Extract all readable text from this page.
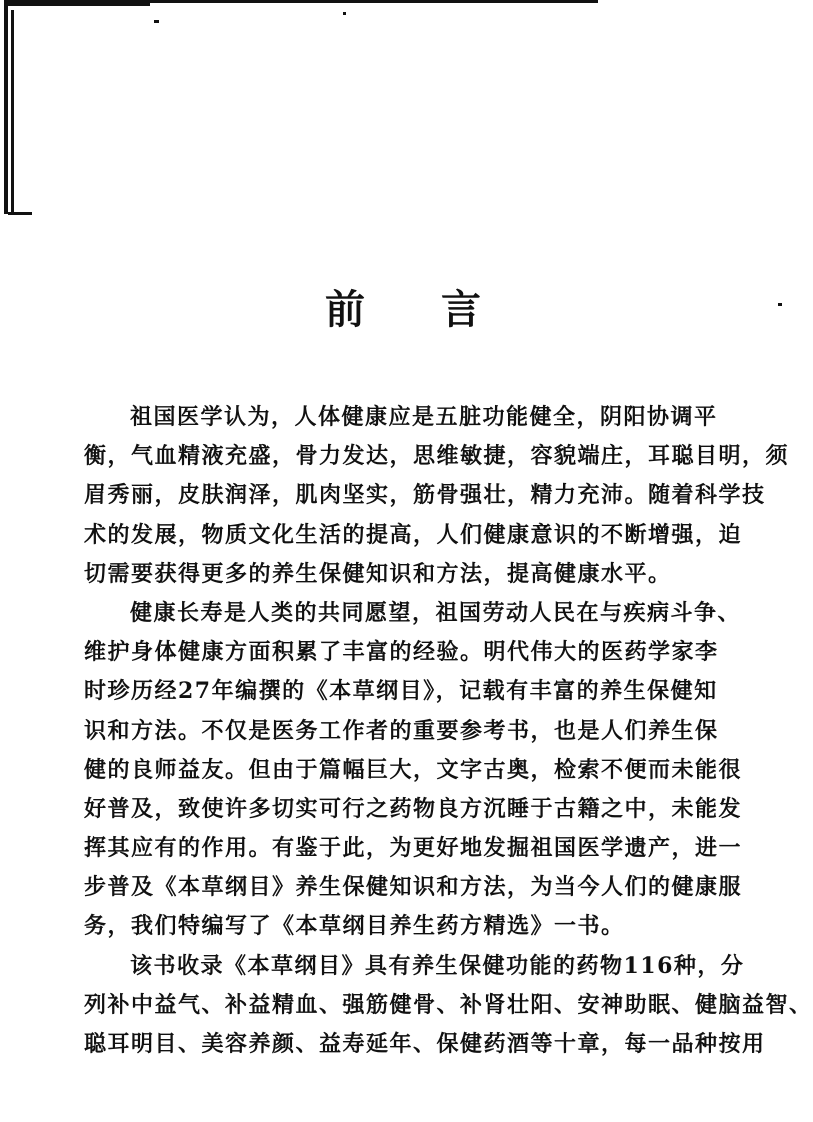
前 言
祖国医学认为，人体健康应是五脏功能健全，阴阳协调平
衡，气血精液充盛，骨力发达，思维敏捷，容貌端庄，耳聪目明，须
眉秀丽，皮肤润泽，肌肉坚实，筋骨强壮，精力充沛。随着科学技
术的发展，物质文化生活的提高，人们健康意识的不断增强，迫
切需要获得更多的养生保健知识和方法，提高健康水平。
健康长寿是人类的共同愿望，祖国劳动人民在与疾病斗争、
维护身体健康方面积累了丰富的经验。明代伟大的医药学家李
时珍历经27年编撰的《本草纲目》，记载有丰富的养生保健知
识和方法。不仅是医务工作者的重要参考书，也是人们养生保
健的良师益友。但由于篇幅巨大，文字古奥，检索不便而未能很
好普及，致使许多切实可行之药物良方沉睡于古籍之中，未能发
挥其应有的作用。有鉴于此，为更好地发掘祖国医学遗产，进一
步普及《本草纲目》养生保健知识和方法，为当今人们的健康服
务，我们特编写了《本草纲目养生药方精选》一书。
该书收录《本草纲目》具有养生保健功能的药物116种，分
列补中益气、补益精血、强筋健骨、补肾壮阳、安神助眠、健脑益智、
聪耳明目、美容养颜、益寿延年、保健药酒等十章，每一品种按用
